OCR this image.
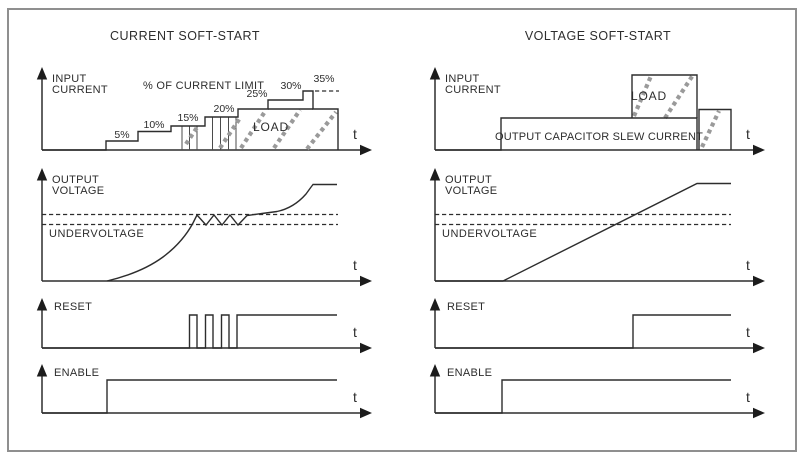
CURRENT SOFT-START
INPUT
CURRENT	% OF CURRENT LIMIT
5%
10%
15%
20%
25%
30%
35%
LOAD	t
OUTPUT
VOLTAGE
UNDERVOLTAGE
t
RESET
t
ENABLE
t
VOLTAGE SOFT-START
INPUT
CURRENT
OUTPUT CAPACITOR SLEW CURRENT
LOAD
t
OUTPUT
VOLTAGE
UNDERVOLTAGE
t
RESET
t
ENABLE
t
